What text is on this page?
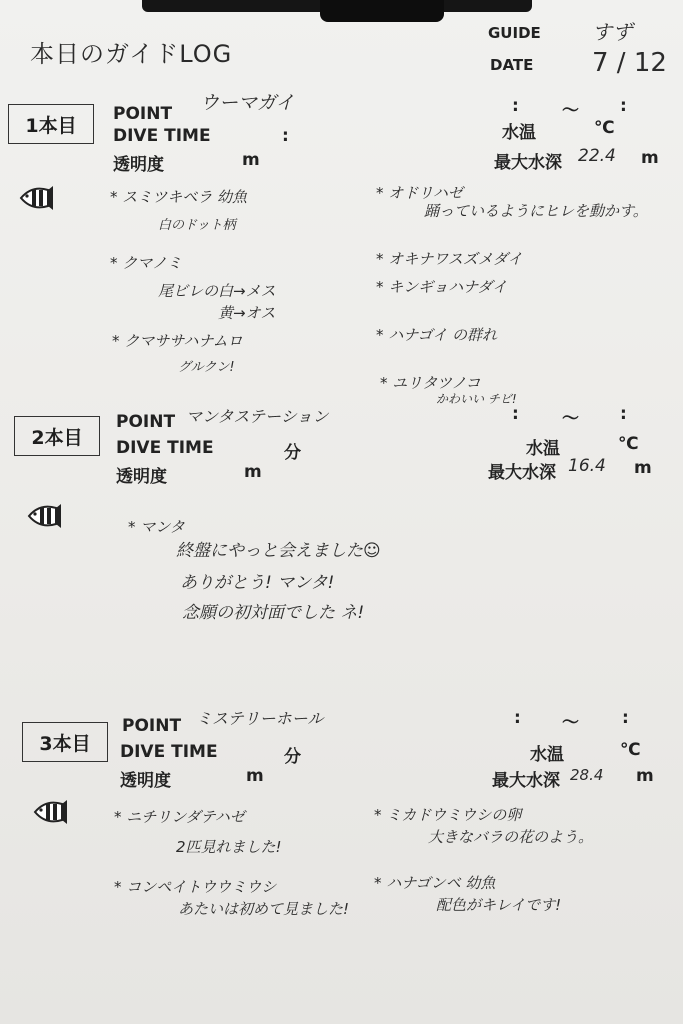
本日のガイドLOG
GUIDE	すず
DATE 7 / 12
1本目
POINT ウーマガイ
DIVE TIME	:
透明度	m
:	〜 :
水温	℃
最大水深 22.4 m
* スミツキベラ 幼魚
白のドット柄
* クマノミ
尾ビレの白→メス
黄→オス
* クマササハナムロ
グルクン!
* オドリハゼ
踊っているようにヒレを動かす。
* オキナワスズメダイ
* キンギョハナダイ
* ハナゴイ の群れ
* ユリタツノコ
かわいい チビ!
2本目
POINT マンタステーション
DIVE TIME	分
透明度	m
:	〜 :
水温	℃
最大水深 16.4 m
* マンタ
終盤にやっと会えました☺
ありがとう! マンタ!
念願の初対面でした ネ!
3本目
POINT ミステリーホール
DIVE TIME	分
透明度	m
: 〜	:
水温	℃
最大水深 28.4 m
* ニチリンダテハゼ
2匹見れました!
* コンペイトウウミウシ
あたいは初めて見ました!
* ミカドウミウシの卵
大きなバラの花のよう。
* ハナゴンベ 幼魚
配色がキレイです!
